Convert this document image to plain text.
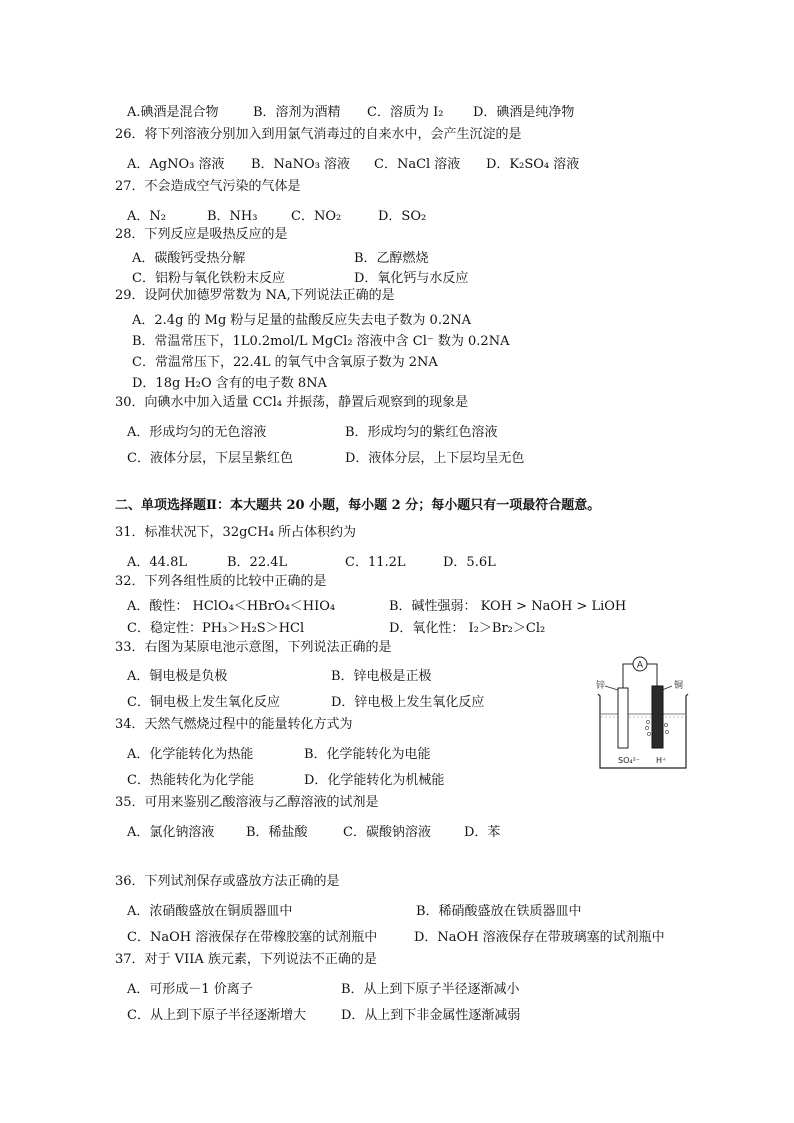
A.碘酒是混合物	B．溶剂为酒精 C．溶质为 I₂ D．碘酒是纯净物
26．将下列溶液分别加入到用氯气消毒过的自来水中，会产生沉淀的是
A．AgNO₃ 溶液 B．NaNO₃ 溶液 C．NaCl 溶液 D．K₂SO₄ 溶液
27．不会造成空气污染的气体是
A．N₂	B．NH₃	C．NO₂	D．SO₂
28．下列反应是吸热反应的是
A．碳酸钙受热分解	B．乙醇燃烧
C．铝粉与氧化铁粉末反应	D．氧化钙与水反应
29．设阿伏加德罗常数为 NA,下列说法正确的是
A．2.4g 的 Mg 粉与足量的盐酸反应失去电子数为 0.2NA
B．常温常压下，1L0.2mol/L MgCl₂ 溶液中含 Cl⁻ 数为 0.2NA
C．常温常压下，22.4L 的氧气中含氧原子数为 2NA
D．18g H₂O 含有的电子数 8NA
30．向碘水中加入适量 CCl₄ 并振荡，静置后观察到的现象是
A．形成均匀的无色溶液	B．形成均匀的紫红色溶液
C．液体分层，下层呈紫红色	D．液体分层，上下层均呈无色
二、单项选择题Ⅱ：本大题共 20 小题，每小题 2 分；每小题只有一项最符合题意。
31．标准状况下，32gCH₄ 所占体积约为
A．44.8L	B．22.4L	C．11.2L	D．5.6L
32．下列各组性质的比较中正确的是
A．酸性： HClO₄＜HBrO₄＜HIO₄	B．碱性强弱： KOH > NaOH > LiOH
C．稳定性：PH₃＞H₂S＞HCl	D．氧化性： I₂＞Br₂＞Cl₂
33．右图为某原电池示意图，下列说法正确的是
A．铜电极是负极	B．锌电极是正极
C．铜电极上发生氧化反应	D．锌电极上发生氧化反应
A
锌	铜
SO₄²⁻ H⁺
34．天然气燃烧过程中的能量转化方式为
A．化学能转化为热能	B．化学能转化为电能
C．热能转化为化学能	D．化学能转化为机械能
35．可用来鉴别乙酸溶液与乙醇溶液的试剂是
A．氯化钠溶液 B．稀盐酸	C．碳酸钠溶液	D．苯
36．下列试剂保存或盛放方法正确的是
A．浓硝酸盛放在铜质器皿中	B．稀硝酸盛放在铁质器皿中
C．NaOH 溶液保存在带橡胶塞的试剂瓶中	D．NaOH 溶液保存在带玻璃塞的试剂瓶中
37．对于 VIIA 族元素，下列说法不正确的是
A．可形成－1 价离子	B．从上到下原子半径逐渐减小
C．从上到下原子半径逐渐增大	D．从上到下非金属性逐渐减弱
